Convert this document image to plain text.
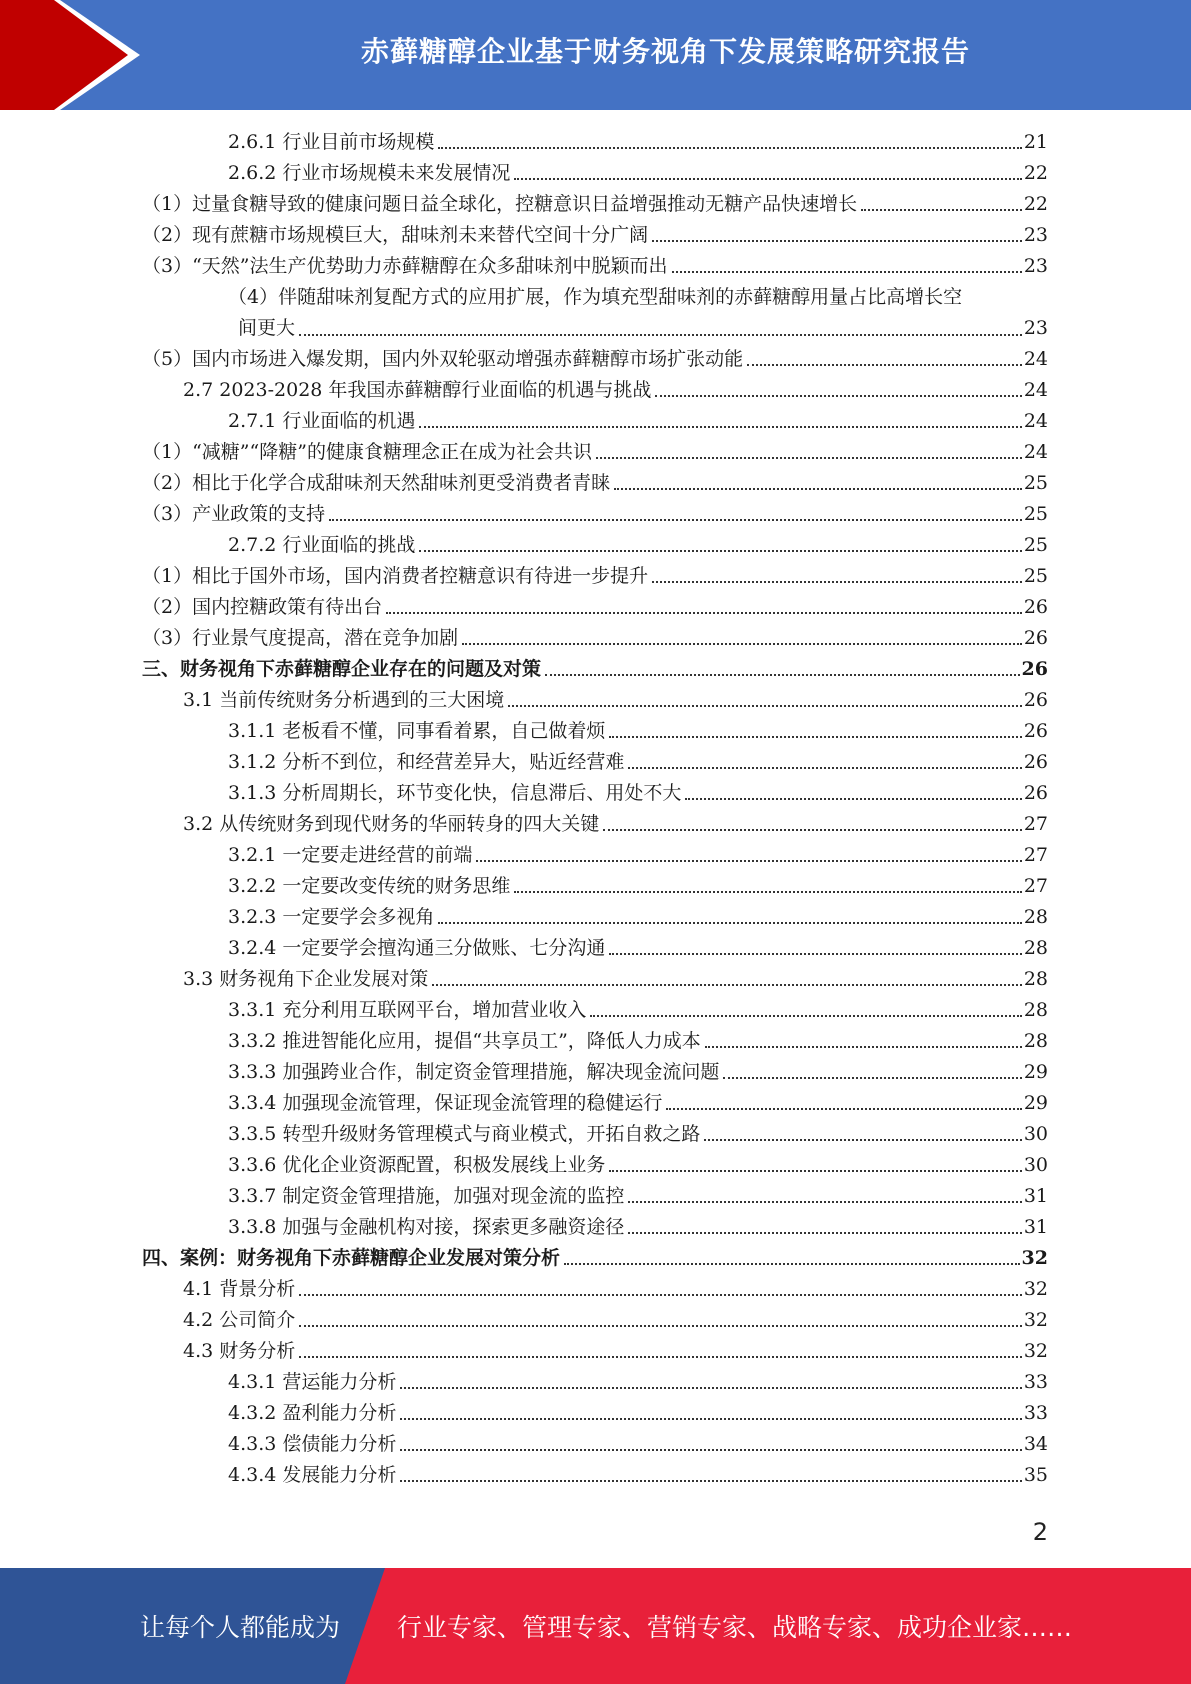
赤藓糖醇企业基于财务视角下发展策略研究报告
2.6.1 行业目前市场规模	21
2.6.2 行业市场规模未来发展情况	22
（1）过量食糖导致的健康问题日益全球化，控糖意识日益增强推动无糖产品快速增长	22
（2）现有蔗糖市场规模巨大，甜味剂未来替代空间十分广阔	23
（3）“天然”法生产优势助力赤藓糖醇在众多甜味剂中脱颖而出	23
（4）伴随甜味剂复配方式的应用扩展，作为填充型甜味剂的赤藓糖醇用量占比高增长空
间更大	23
（5）国内市场进入爆发期，国内外双轮驱动增强赤藓糖醇市场扩张动能	24
2.7 2023-2028 年我国赤藓糖醇行业面临的机遇与挑战	24
2.7.1 行业面临的机遇	24
（1）“减糖”“降糖”的健康食糖理念正在成为社会共识	24
（2）相比于化学合成甜味剂天然甜味剂更受消费者青睐	25
（3）产业政策的支持	25
2.7.2 行业面临的挑战	25
（1）相比于国外市场，国内消费者控糖意识有待进一步提升	25
（2）国内控糖政策有待出台	26
（3）行业景气度提高，潜在竞争加剧	26
三、财务视角下赤藓糖醇企业存在的问题及对策	26
3.1 当前传统财务分析遇到的三大困境	26
3.1.1 老板看不懂，同事看着累，自己做着烦	26
3.1.2 分析不到位，和经营差异大，贴近经营难	26
3.1.3 分析周期长，环节变化快，信息滞后、用处不大	26
3.2 从传统财务到现代财务的华丽转身的四大关键	27
3.2.1 一定要走进经营的前端	27
3.2.2 一定要改变传统的财务思维	27
3.2.3 一定要学会多视角	28
3.2.4 一定要学会擅沟通三分做账、七分沟通	28
3.3 财务视角下企业发展对策	28
3.3.1 充分利用互联网平台，增加营业收入	28
3.3.2 推进智能化应用，提倡“共享员工”，降低人力成本	28
3.3.3 加强跨业合作，制定资金管理措施，解决现金流问题	29
3.3.4 加强现金流管理，保证现金流管理的稳健运行	29
3.3.5 转型升级财务管理模式与商业模式，开拓自救之路	30
3.3.6 优化企业资源配置，积极发展线上业务	30
3.3.7 制定资金管理措施，加强对现金流的监控	31
3.3.8 加强与金融机构对接，探索更多融资途径	31
四、案例：财务视角下赤藓糖醇企业发展对策分析	32
4.1 背景分析	32
4.2 公司简介	32
4.3 财务分析	32
4.3.1 营运能力分析	33
4.3.2 盈利能力分析	33
4.3.3 偿债能力分析	34
4.3.4 发展能力分析	35
2
让每个人都能成为 行业专家、管理专家、营销专家、战略专家、成功企业家……
